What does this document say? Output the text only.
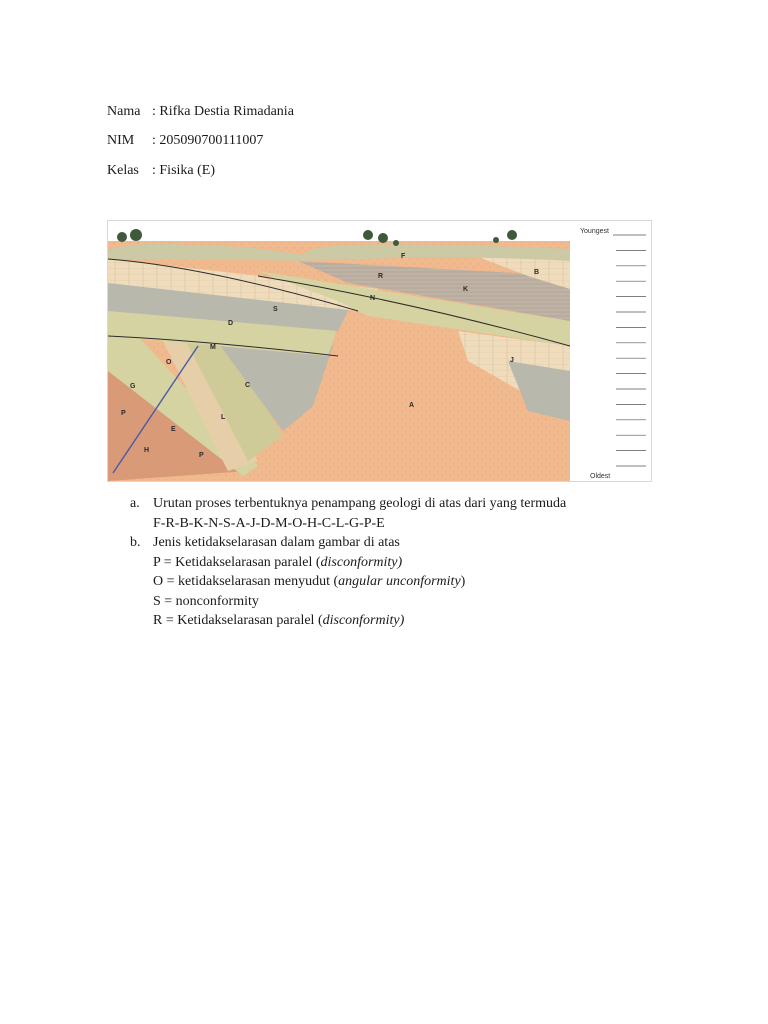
Nama : Rifka Destia Rimadania
NIM : 205090700111007
Kelas : Fisika (E)
Youngest
Oldest
F
R
B
K
N
S
D
M
O	J
C
A
G
P
L
E
P
H
a. Urutan proses terbentuknya penampang geologi di atas dari yang termuda
F-R-B-K-N-S-A-J-D-M-O-H-C-L-G-P-E
b. Jenis ketidakselarasan dalam gambar di atas
P = Ketidakselarasan paralel (disconformity)
O = ketidakselarasan menyudut (angular unconformity)
S = nonconformity
R = Ketidakselarasan paralel (disconformity)
